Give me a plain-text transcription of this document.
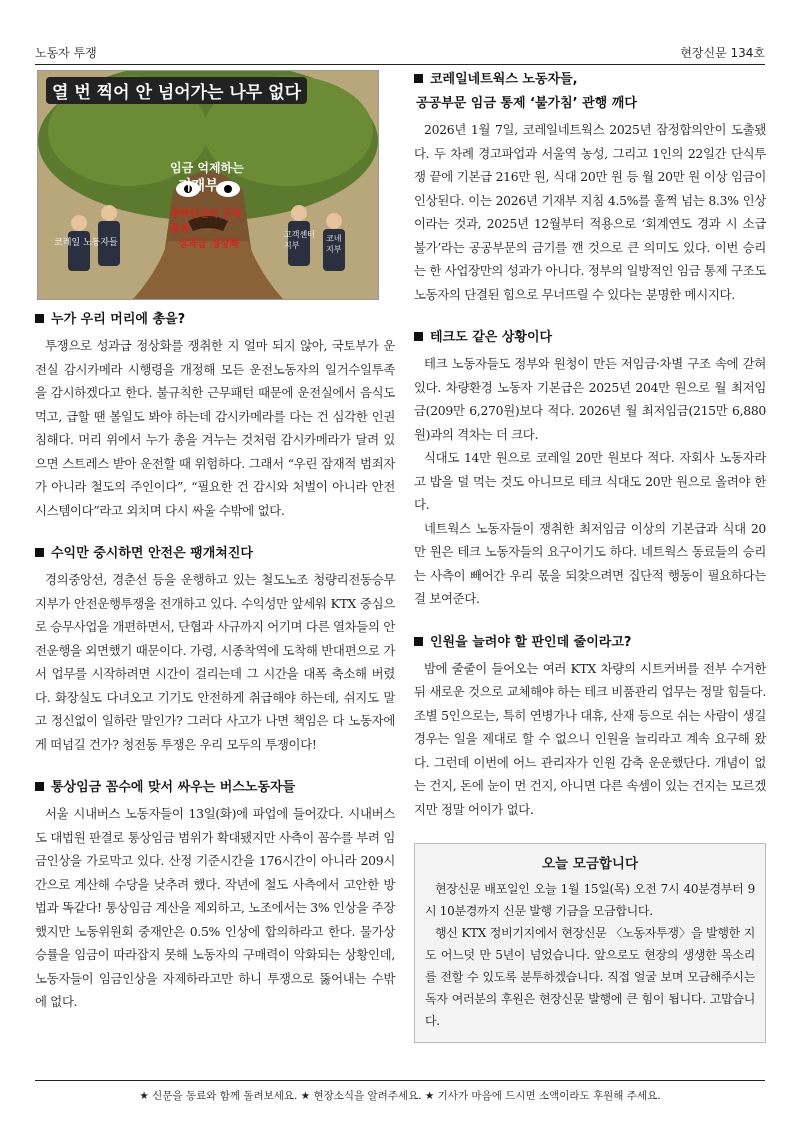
노동자 투쟁	현장신문 134호
열 번 찍어 안 넘어가는 나무 없다
임금 억제하는
기재부
총액인건비 규제 통제
성과급 정상화
코레일 노동자들
고객센터 지부
코네 지부
누가 우리 머리에 총을?

투쟁으로 성과급 정상화를 쟁취한 지 얼마 되지 않아, 국토부가 운전실 감시카메라 시행령을 개정해 모든 운전노동자의 일거수일투족을 감시하겠다고 한다. 불규칙한 근무패턴 때문에 운전실에서 음식도 먹고, 급할 땐 볼일도 봐야 하는데 감시카메라를 다는 건 심각한 인권침해다. 머리 위에서 누가 총을 겨누는 것처럼 감시카메라가 달려 있으면 스트레스 받아 운전할 때 위험하다. 그래서 “우린 잠재적 범죄자가 아니라 철도의 주인이다”, “필요한 건 감시와 처벌이 아니라 안전시스템이다”라고 외치며 다시 싸울 수밖에 없다.

수익만 중시하면 안전은 팽개쳐진다

경의중앙선, 경춘선 등을 운행하고 있는 철도노조 청량리전동승무지부가 안전운행투쟁을 전개하고 있다. 수익성만 앞세워 KTX 중심으로 승무사업을 개편하면서, 단협과 사규까지 어기며 다른 열차들의 안전운행을 외면했기 때문이다. 가령, 시종착역에 도착해 반대편으로 가서 업무를 시작하려면 시간이 걸리는데 그 시간을 대폭 축소해 버렸다. 화장실도 다녀오고 기기도 안전하게 취급해야 하는데, 쉬지도 말고 정신없이 일하란 말인가? 그러다 사고가 나면 책임은 다 노동자에게 떠넘길 건가? 청전동 투쟁은 우리 모두의 투쟁이다!

통상임금 꼼수에 맞서 싸우는 버스노동자들

서울 시내버스 노동자들이 13일(화)에 파업에 들어갔다. 시내버스도 대법원 판결로 통상임금 범위가 확대됐지만 사측이 꼼수를 부려 임금인상을 가로막고 있다. 산정 기준시간을 176시간이 아니라 209시간으로 계산해 수당을 낮추려 했다. 작년에 철도 사측에서 고안한 방법과 똑같다! 통상임금 계산을 제외하고, 노조에서는 3% 인상을 주장했지만 노동위원회 중재안은 0.5% 인상에 합의하라고 한다. 물가상승률을 임금이 따라잡지 못해 노동자의 구매력이 악화되는 상황인데, 노동자들이 임금인상을 자제하라고만 하니 투쟁으로 뚫어내는 수밖에 없다.

코레일네트웍스 노동자들,
공공부문 임금 통제 ‘불가침’ 관행 깨다

2026년 1월 7일, 코레일네트웍스 2025년 잠정합의안이 도출됐다. 두 차례 경고파업과 서울역 농성, 그리고 1인의 22일간 단식투쟁 끝에 기본급 216만 원, 식대 20만 원 등 월 20만 원 이상 임금이 인상된다. 이는 2026년 기재부 지침 4.5%를 훌쩍 넘는 8.3% 인상이라는 것과, 2025년 12월부터 적용으로 ‘회계연도 경과 시 소급 불가’라는 공공부문의 금기를 깬 것으로 큰 의미도 있다. 이번 승리는 한 사업장만의 성과가 아니다. 정부의 일방적인 임금 통제 구조도 노동자의 단결된 힘으로 무너뜨릴 수 있다는 분명한 메시지다.

테크도 같은 상황이다

테크 노동자들도 정부와 원청이 만든 저임금·차별 구조 속에 갇혀있다. 차량환경 노동자 기본급은 2025년 204만 원으로 월 최저임금(209만 6,270원)보다 적다. 2026년 월 최저임금(215만 6,880원)과의 격차는 더 크다.

식대도 14만 원으로 코레일 20만 원보다 적다. 자회사 노동자라고 밥을 덜 먹는 것도 아니므로 테크 식대도 20만 원으로 올려야 한다.

네트웍스 노동자들이 쟁취한 최저임금 이상의 기본급과 식대 20만 원은 테크 노동자들의 요구이기도 하다. 네트웍스 동료들의 승리는 사측이 빼어간 우리 몫을 되찾으려면 집단적 행동이 필요하다는 걸 보여준다.

인원을 늘려야 할 판인데 줄이라고?

밤에 줄줄이 들어오는 여러 KTX 차량의 시트커버를 전부 수거한 뒤 새로운 것으로 교체해야 하는 테크 비품관리 업무는 정말 힘들다. 조별 5인으로는, 특히 연병가나 대휴, 산재 등으로 쉬는 사람이 생길 경우는 일을 제대로 할 수 없으니 인원을 늘리라고 계속 요구해 왔다. 그런데 이번에 어느 관리자가 인원 감축 운운했단다. 개념이 없는 건지, 돈에 눈이 먼 건지, 아니면 다른 속셈이 있는 건지는 모르겠지만 정말 어이가 없다.

오늘 모금합니다

현장신문 배포일인 오늘 1월 15일(목) 오전 7시 40분경부터 9시 10분경까지 신문 발행 기금을 모금합니다.

행신 KTX 정비기지에서 현장신문 〈노동자투쟁〉을 발행한 지도 어느덧 만 5년이 넘었습니다. 앞으로도 현장의 생생한 목소리를 전할 수 있도록 분투하겠습니다. 직접 얼굴 보며 모금해주시는 독자 여러분의 후원은 현장신문 발행에 큰 힘이 됩니다. 고맙습니다.

★ 신문을 동료와 함께 돌려보세요. ★ 현장소식을 알려주세요. ★ 기사가 마음에 드시면 소액이라도 후원해 주세요.
